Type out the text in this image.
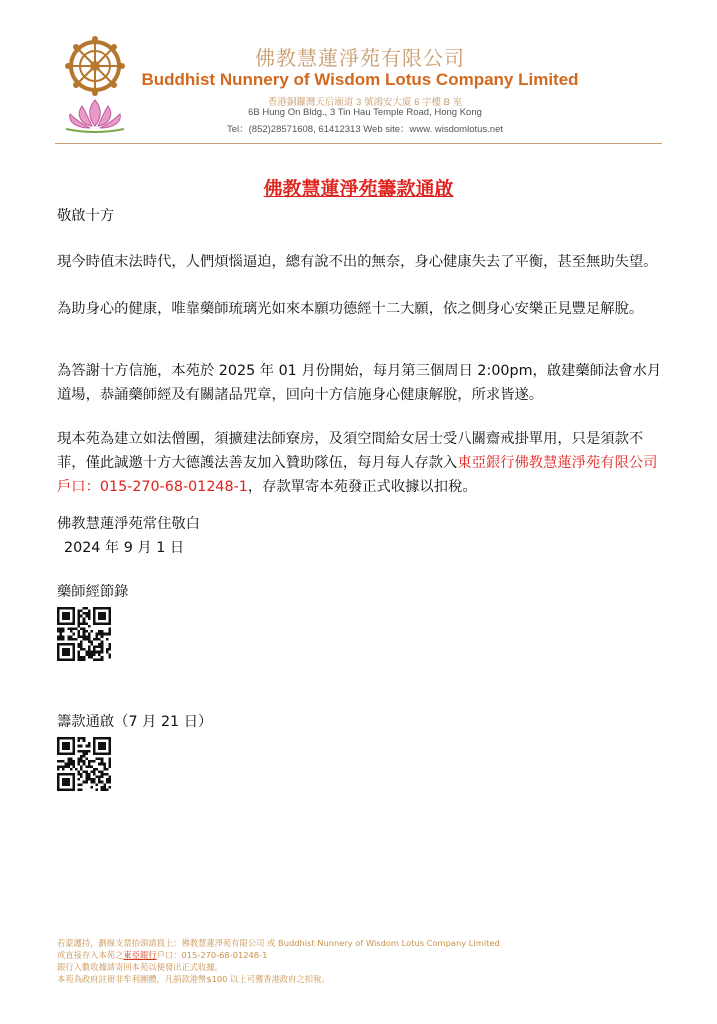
佛教慧蓮淨苑有限公司
Buddhist Nunnery of Wisdom Lotus Company Limited
香港銅鑼灣天后廟道 3 號鴻安大廈 6 字樓 B 室
6B Hung On Bldg., 3 Tin Hau Temple Road, Hong Kong
Tel：(852)28571608, 61412313 Web site：www. wisdomlotus.net
佛教慧蓮淨苑籌款通啟

敬啟十方

現今時值末法時代，人們煩惱逼迫，總有說不出的無奈，身心健康失去了平衡，甚至無助失望。

為助身心的健康，唯靠藥師琉璃光如來本願功德經十二大願，依之側身心安樂正見豐足解脫。

為答謝十方信施，本苑於 2025 年 01 月份開始，每月第三個周日 2:00pm，啟建藥師法會水月道場，恭誦藥師經及有關諸品咒章，回向十方信施身心健康解脫，所求皆遂。

現本苑為建立如法僧團，須擴建法師寮房，及須空間給女居士受八關齋戒掛單用，只是須款不菲，僅此誠邀十方大德護法善友加入贊助隊伍，每月每人存款入東亞銀行佛教慧蓮淨苑有限公司戶口：015-270-68-01248-1，存款單寄本苑發正式收據以扣稅。

佛教慧蓮淨苑常住敬白

2024 年 9 月 1 日

藥師經節錄

籌款通啟（7 月 21 日）

若蒙護持，劃線支票抬頭請寫上：佛教慧蓮淨苑有限公司 或 Buddhist Nunnery of Wisdom Lotus Company Limited
或直接存入本苑之東亞銀行戶口：015-270-68-01248-1
銀行入數收據請寄回本苑以便發出正式收據。
本苑為政府註冊非牟利團體，凡捐款港幣$100 以上可獲香港政府之扣稅。
